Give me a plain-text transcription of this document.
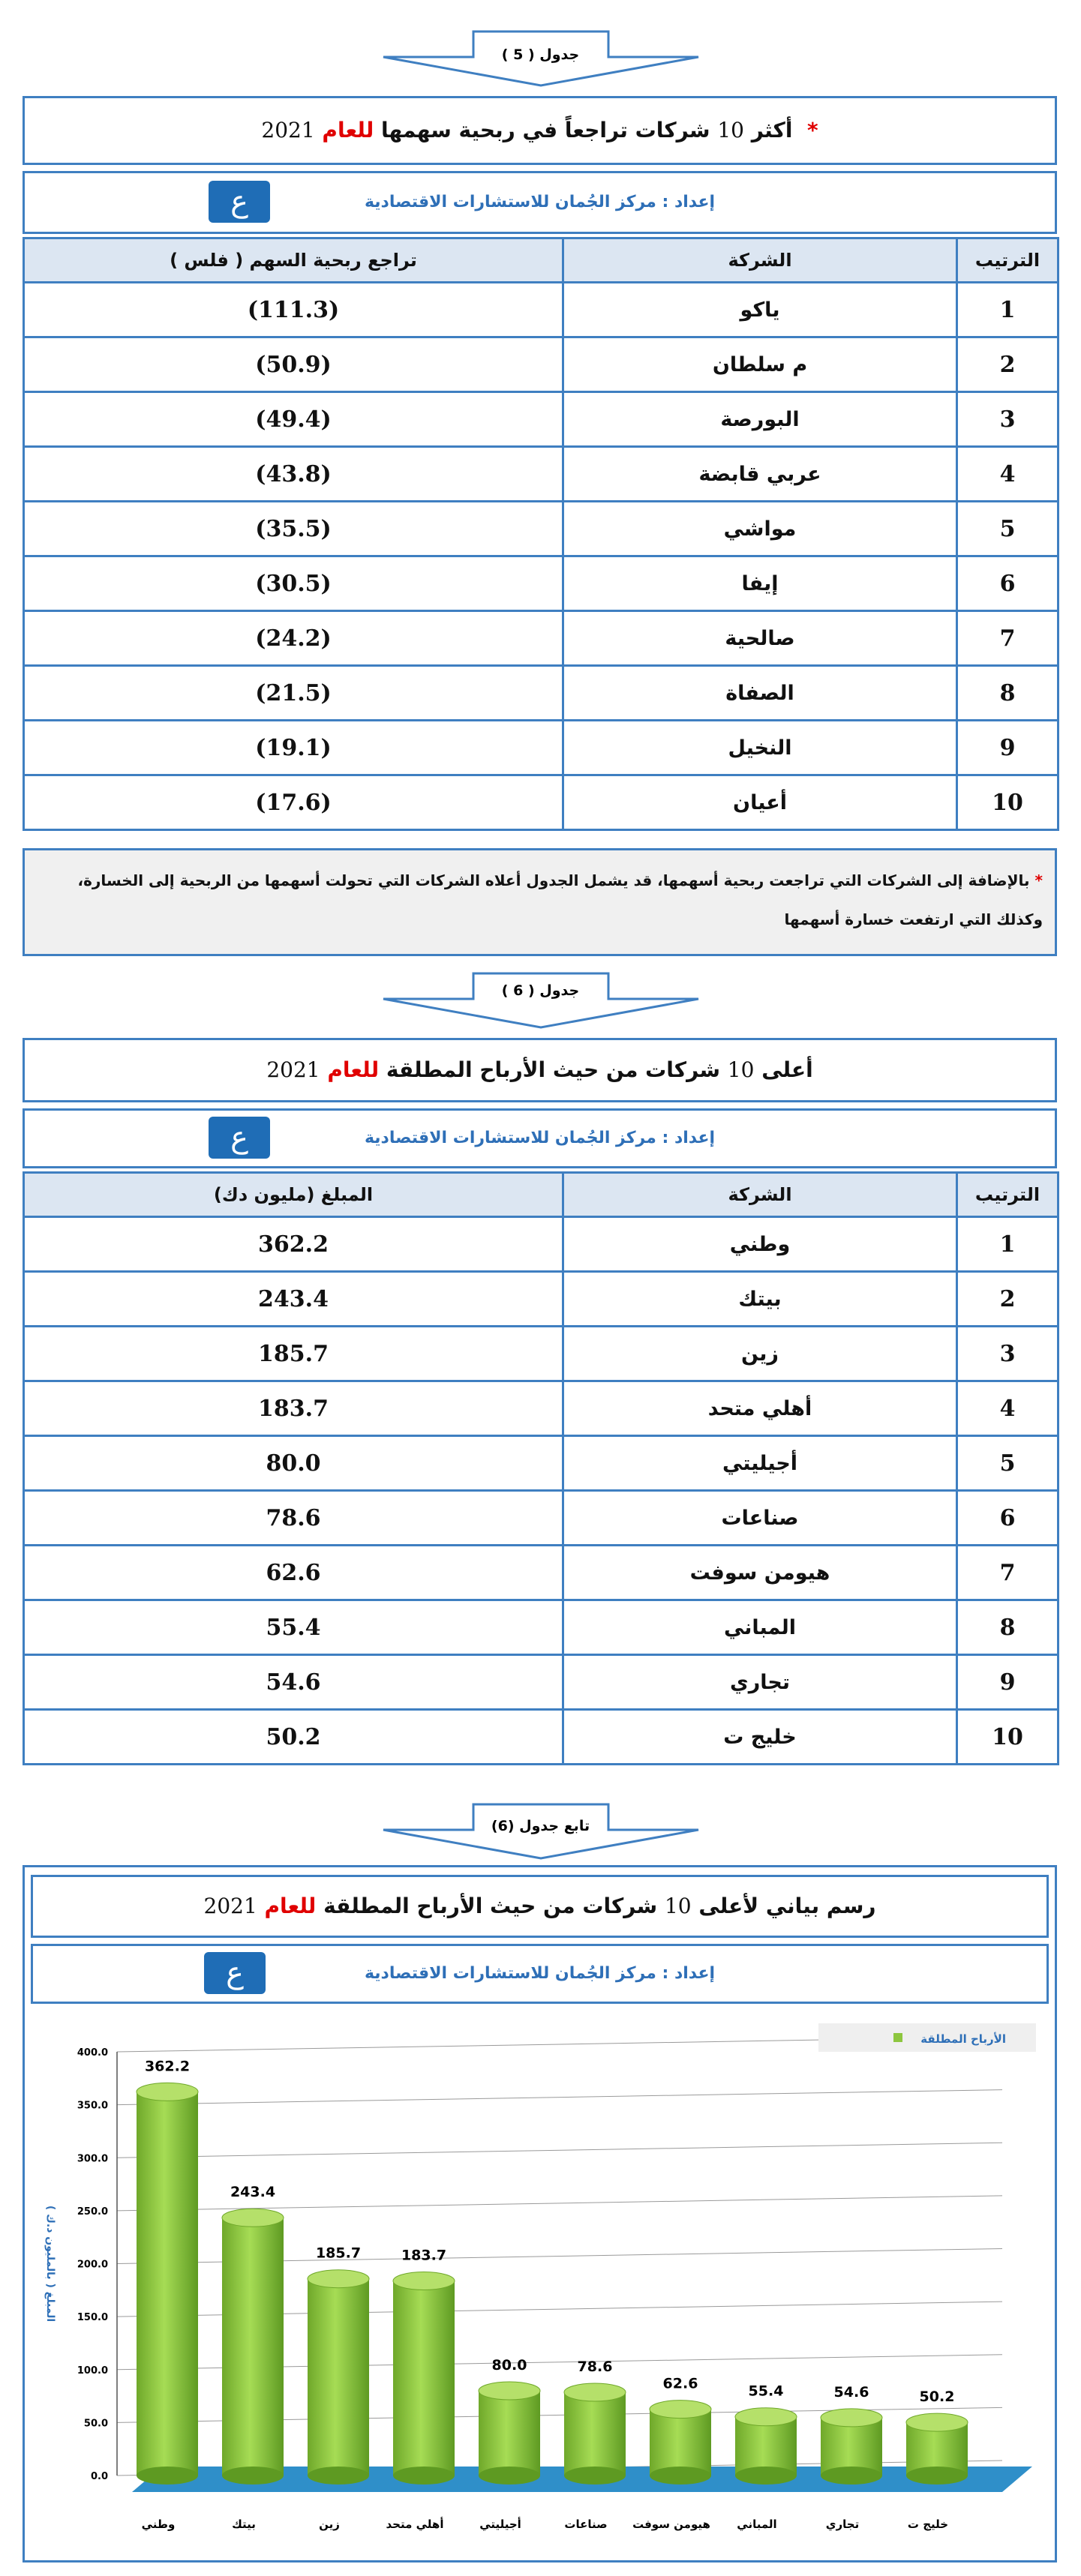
جدول ( 5 )
*  أكثر 10 شركات تراجعاً في ربحية سهمها للعام 2021
إعداد : مركز الجُمان للاستشارات الاقتصادية
ع
الترتيب	الشركة	تراجع ربحية السهم ( فلس )
1	ياكو	(111.3)
2	م سلطان	(50.9)
3	البورصة	(49.4)
4	عربي قابضة	(43.8)
5	مواشي	(35.5)
6	إيفا	(30.5)
7	صالحية	(24.2)
8	الصفاة	(21.5)
9	النخيل	(19.1)
10	أعيان	(17.6)
* بالإضافة إلى الشركات التي تراجعت ربحية أسهمها، قد يشمل الجدول أعلاه الشركات التي تحولت أسهمها من الربحية إلى الخسارة،
وكذلك التي ارتفعت خسارة أسهمها
جدول ( 6 )
أعلى 10 شركات من حيث الأرباح المطلقة للعام 2021
إعداد : مركز الجُمان للاستشارات الاقتصادية
ع
الترتيب	الشركة	المبلغ (مليون دك)
1	وطني	362.2
2	بيتك	243.4
3	زين	185.7
4	أهلي متحد	183.7
5	أجيليتي	80.0
6	صناعات	78.6
7	هيومن سوفت	62.6
8	المباني	55.4
9	تجاري	54.6
10	خليج ت	50.2
تابع جدول (6)
رسم بياني لأعلى 10 شركات من حيث الأرباح المطلقة للعام 2021
إعداد : مركز الجُمان للاستشارات الاقتصادية
ع
0.0
50.0
100.0
150.0
200.0
250.0
300.0
350.0
400.0
المبلغ ( بالمليون د.ك )
الأرباح المطلقة
362.2
وطني
243.4
بيتك
185.7
زين
183.7
أهلي متحد
80.0
أجيليتي
78.6
صناعات
62.6
هيومن سوفت
55.4
المباني
54.6
تجاري
50.2
خليج ت
